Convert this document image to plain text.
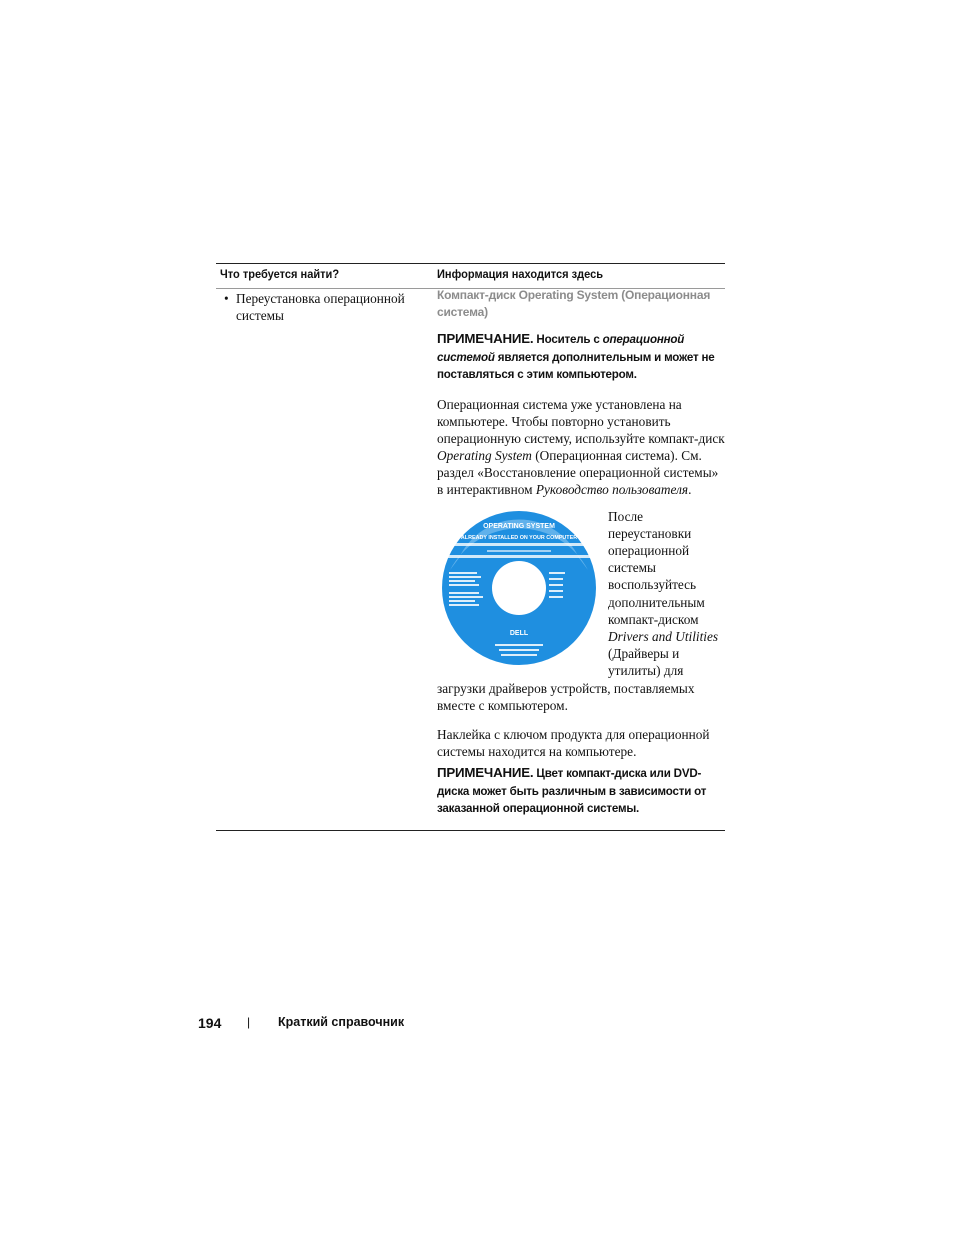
Что требуется найти?	Информация находится здесь
• Переустановка операционной системы
Компакт-диск Operating System (Операционная система)
ПРИМЕЧАНИЕ. Носитель с операционной системой является дополнительным и может не поставляться с этим компьютером.
Операционная система уже установлена на компьютере. Чтобы повторно установить операционную систему, используйте компакт-диск Operating System (Операционная система). См. раздел «Восстановление операционной системы» в интерактивном Руководство пользователя.
OPERATING SYSTEM
ALREADY INSTALLED ON YOUR COMPUTER
DELL
После переустановки операционной системы воспользуйтесь дополнительным компакт-диском Drivers and Utilities (Драйверы и утилиты) для
загрузки драйверов устройств, поставляемых вместе с компьютером.
Наклейка с ключом продукта для операционной системы находится на компьютере.
ПРИМЕЧАНИЕ. Цвет компакт-диска или DVD-диска может быть различным в зависимости от заказанной операционной системы.
194 | Краткий справочник
